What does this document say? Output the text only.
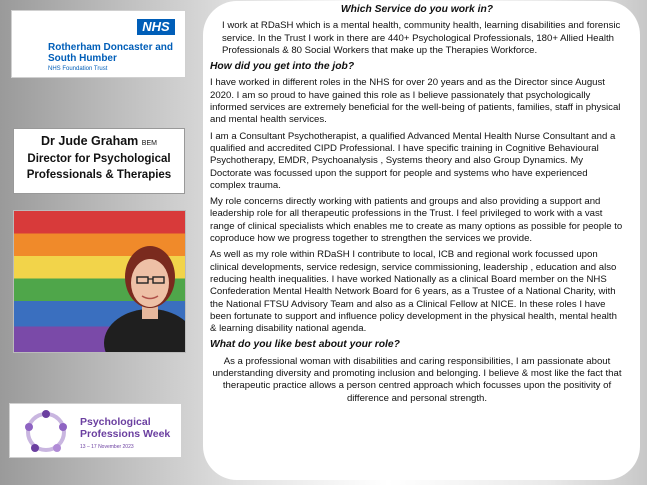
NHS
Rotherham Doncaster and South Humber
NHS Foundation Trust
Dr Jude Graham BEM
Director for Psychological Professionals & Therapies
Psychological Professions Week
13 – 17 November 2023

Which Service do you work in?

I work at RDaSH which is a mental health, community health, learning disabilities and forensic service. In the Trust I work in there are 440+ Psychological Professionals, 180+ Allied Health Professionals & 80 Social Workers that make up the Therapies Workforce.

How did you get into the job?

I have worked in different roles in the NHS for over 20 years and as the Director since August 2020. I am so proud to have gained this role as I believe passionately that psychologically informed services are extremely beneficial for the well-being of patients, families, staff in physical and mental health services.

I am a Consultant Psychotherapist, a qualified Advanced Mental Health Nurse Consultant and a qualified and accredited CIPD Professional. I have specific training in Cognitive Behavioural Psychotherapy, EMDR, Psychoanalysis , Systems theory and also Group Dynamics. My Doctorate was focussed upon the support for people and systems who have experienced complex trauma.

My role concerns directly working with patients and groups and also providing a support and leadership role for all therapeutic professions in the Trust. I feel privileged to work with a vast range of clinical specialists which enables me to create as many options as possible for people to coproduce how we progress together to strengthen the services we provide.

As well as my role within RDaSH I contribute to local, ICB and regional work focussed upon clinical developments, service redesign, service commissioning, leadership , education and also reducing health inequalities. I have worked Nationally as a clinical Board member on the NHS Confederation Mental Health Network Board for 6 years, as a Trustee of a National Charity, with the National FTSU Advisory Team and also as a Clinical Fellow at NICE. In these roles I have been fortunate to support and influence policy development in the physical health, mental health & learning disability national agenda.

What do you like best about your role?

As a professional woman with disabilities and caring responsibilities, I am passionate about understanding diversity and promoting inclusion and belonging. I believe & most like the fact that therapeutic practice allows a person centred approach which focusses upon the positivity of difference and personal strength.
